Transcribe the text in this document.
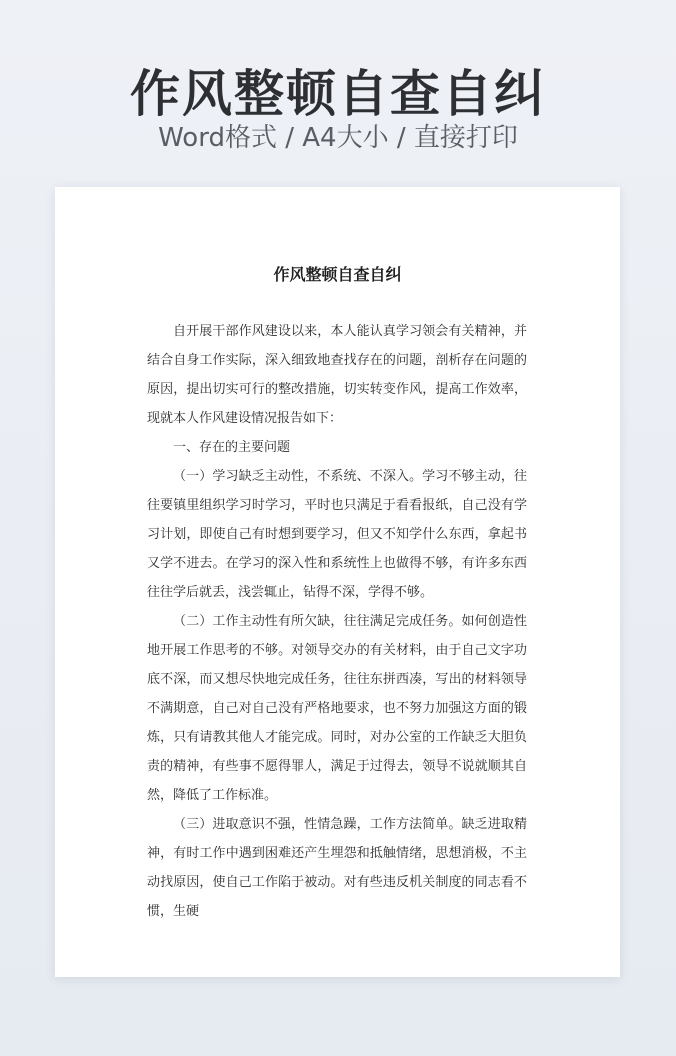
作风整顿自查自纠
Word格式 / A4大小 / 直接打印
作风整顿自查自纠

自开展干部作风建设以来，本人能认真学习领会有关精神，并结合自身工作实际，深入细致地查找存在的问题，剖析存在问题的原因，提出切实可行的整改措施，切实转变作风，提高工作效率，现就本人作风建设情况报告如下：

一、存在的主要问题

（一）学习缺乏主动性，不系统、不深入。学习不够主动，往往要镇里组织学习时学习，平时也只满足于看看报纸，自己没有学习计划，即使自己有时想到要学习，但又不知学什么东西，拿起书又学不进去。在学习的深入性和系统性上也做得不够，有许多东西往往学后就丢，浅尝辄止，钻得不深，学得不够。

（二）工作主动性有所欠缺，往往满足完成任务。如何创造性地开展工作思考的不够。对领导交办的有关材料，由于自己文字功底不深，而又想尽快地完成任务，往往东拼西凑，写出的材料领导不满期意，自己对自己没有严格地要求，也不努力加强这方面的锻炼，只有请教其他人才能完成。同时，对办公室的工作缺乏大胆负责的精神，有些事不愿得罪人，满足于过得去，领导不说就顺其自然，降低了工作标准。

（三）进取意识不强，性情急躁，工作方法简单。缺乏进取精神，有时工作中遇到困难还产生埋怨和抵触情绪，思想消极，不主动找原因，使自己工作陷于被动。对有些违反机关制度的同志看不惯，生硬
